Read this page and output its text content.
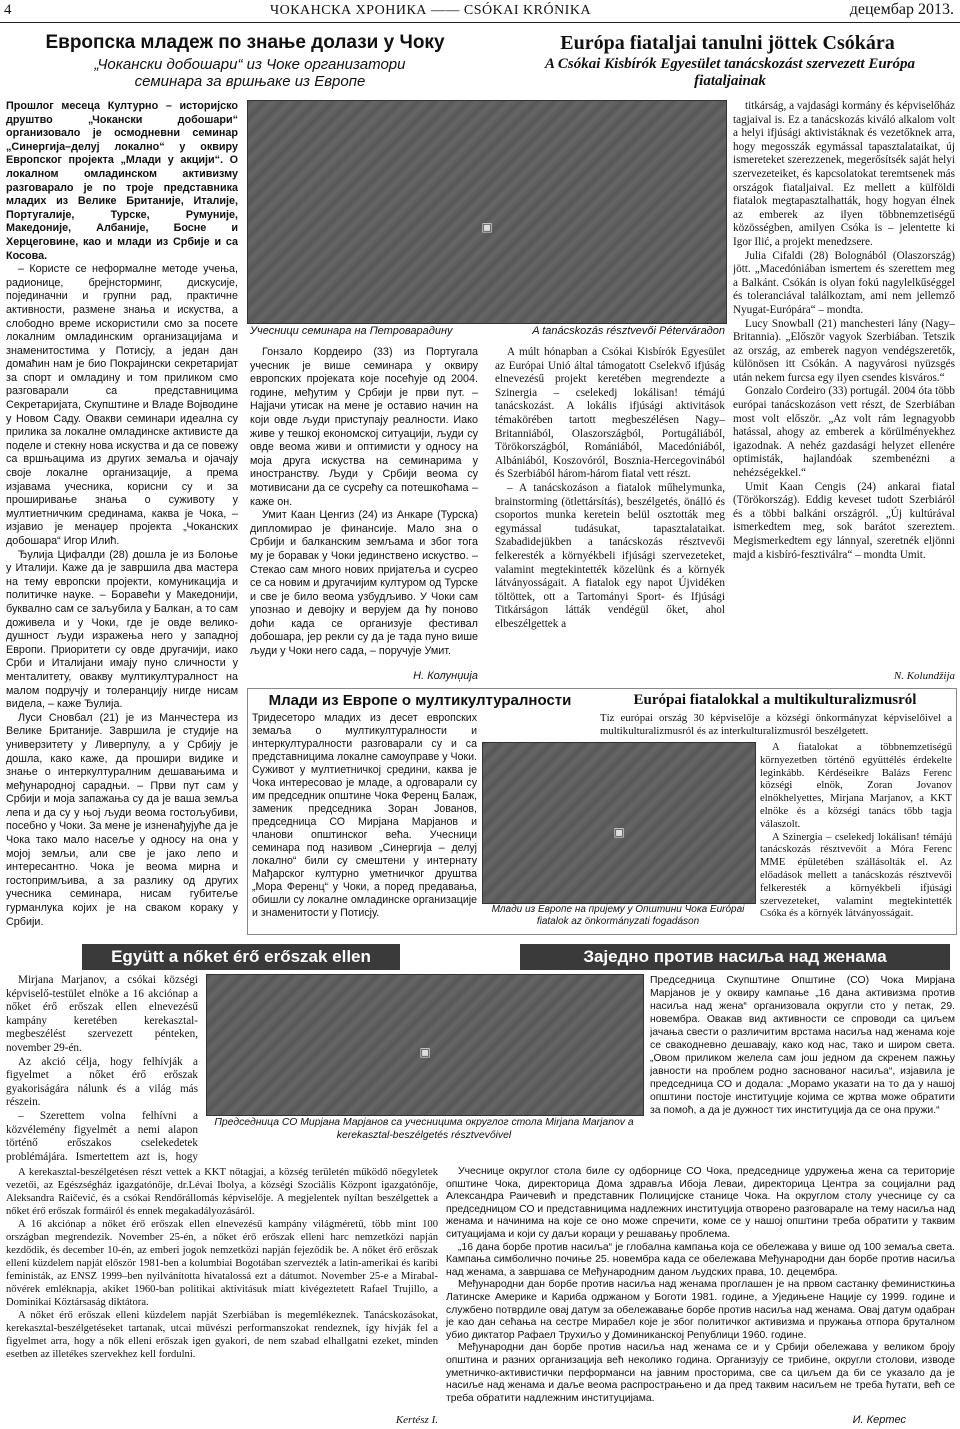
4	ЧОКАНСКА ХРОНИКА —— CSÓKAI KRÓNIKA	децембар 2013.
Европска младеж по знање долази у Чоку
„Чокански добошари“ из Чоке организатори семинара за вршњаке из Европе
Európa fiataljai tanulni jöttek Csókára
A Csókai Kisbírók Egyesület tanácskozást szervezett Európa fiataljainak

Прошлог месеца Културно – историјско друштво „Чокански добошари“ организовало је осмодневни семинар „Синергија–делуј локално“ у оквиру Европског пројекта „Млади у акцији“. О локалном омладинском активизму разговарало је по троје представника младих из Велике Британије, Италије, Португалије, Турске, Румуније, Македоније, Албаније, Босне и Херцеговине, као и млади из Србије и са Косова.

– Користе се неформалне методе учења, радионице, брејнсторминг, дискусије, појединачни и групни рад, практичне активности, размене знања и искуства, а слободно време искористили смо за посете локалним омладинским организацијама и знаменитостима у Потисју, а један дан домаћин нам је био Покрајински секретаријат за спорт и омладину и том приликом смо разговарали са представницима Секретаријата, Скупштине и Владе Војводине у Новом Саду. Овакви семинари идеална су прилика за локалне омладинске активисте да поделе и стекну нова искуства и да се повежу са вршњацима из других земаља и ојачају своје локалне организације, а према изјавама учесника, корисни су и за проширивање знања о суживоту у мултиетничким срединама, каква је Чока, – изјавио је менаџер пројекта „Чоканских добошара“ Игор Илић.

Ђулија Цифалди (28) дошла је из Болоње у Италији. Каже да је завршила два мастера на тему европски пројекти, комуникација и политичке науке. – Боравећи у Македонији, буквално сам се заљубила у Балкан, а то сам доживела и у Чоки, где је овде велико-душност људи изражења него у западној Европи. Приоритети су овде другачији, иако Срби и Италијани имају пуно сличности у менталитету, овакву мултикултуралност на малом подручју и толеранцију нигде нисам видела, – каже Ђулија.

Луси Сновбал (21) је из Манчестера из Велике Британије. Завршила је студије на универзитету у Ливерпулу, а у Србију је дошла, како каже, да прошири видике и знање о интеркултуралним дешавањима и међународној сарадњи. – Први пут сам у Србији и моја запажања су да је ваша земља лепа и да су у њој људи веома гостољубиви, посебно у Чоки. За мене је изненађујуће да је Чока тако мало насеље у односу на она у мојој земљи, али све је јако лепо и интересантно. Чока је веома мирна и гостопримљива, а за разлику од других учесника семинара, нисам губитеље гурманлука којих је на сваком кораку у Србији.

▣
Учесници семинара на Петроварадину	A tanácskozás résztvevői Pétervárадon

Гонзало Кордеиро (33) из Португала учесник је више семинара у оквиру европских пројеката које посећује од 2004. године, међутим у Србији је први пут. – Најјачи утисак на мене је оставио начин на који овде људи приступају реалности. Иако живе у тешкој економској ситуацији, људи су овде веома живи и оптимисти у односу на моја друга искуства на семинарима у иностранству. Људи у Србији веома су мотивисани да се сусрећу са потешкоћама – каже он.

Умит Каан Ценгиз (24) из Анкаре (Турска) дипломирао је финансије. Мало зна о Србији и балканским земљама и због тога му је боравак у Чоки јединствено искуство. – Стекао сам много нових пријатеља и сусрео се са новим и другачијим културом од Турске и све је било веома узбудљиво. У Чоки сам упознао и девојку и верујем да ћу поново доћи када се организује фестивал добошара, јер рекли су да је тада пуно више људи у Чоки него сада, – поручује Умит.

Н. Колунџија

A múlt hónapban a Csókai Kisbírók Egyesület az Európai Unió által támogatott Cselekvő ifjúság elnevezésű projekt keretében megrendezte a Szinergia – cselekedj lokálisan! témájú tanácskozást. A lokális ifjúsági aktivitások témakörében tartott megbeszélésen Nagy–Britanniából, Olaszországból, Portugáliából, Törökországból, Romániából, Macedóniából, Albániából, Koszovóról, Bosznia-Hercegovinából és Szerbiából három-három fiatal vett részt.

– A tanácskozáson a fiatalok műhelymunka, brainstorming (ötlettársítás), beszélgetés, önálló és csoportos munka keretein belül osztották meg egymással tudásukat, tapasztalataikat. Szabadidejükben a tanácskozás résztvevői felkeresték a környékbeli ifjúsági szervezeteket, valamint megtekintették közelünk és a környék látványosságait. A fiatalok egy napot Újvidéken töltöttek, ott a Tartományi Sport- és Ifjúsági Titkárságon látták vendégül őket, ahol elbeszélgettek a

titkárság, a vajdasági kormány és képviselőház tagjaival is. Ez a tanácskozás kiváló alkalom volt a helyi ifjúsági aktivistáknak és vezetőknek arra, hogy megosszák egymással tapasztalataikat, új ismereteket szerezzenek, megerősítsék saját helyi szervezeteiket, és kapcsolatokat teremtsenek más országok fiataljaival. Ez mellett a külföldi fiatalok megtapasztalhatták, hogy hogyan élnek az emberek az ilyen többnemzetiségű közösségben, amilyen Csóka is – jelentette ki Igor Ilić, a projekt menedzsere.

Julia Cifaldi (28) Bolognából (Olaszország) jött. „Macedóniában ismertem és szerettem meg a Balkánt. Csókán is olyan fokú nagylelkűséggel és toleranciával találkoztam, ami nem jellemző Nyugat-Európára“ – mondta.

Lucy Snowball (21) manchesteri lány (Nagy–Britannia). „Először vagyok Szerbiában. Tetszik az ország, az emberek nagyon vendégszeretők, különösen itt Csókán. A nagyvárosi nyüzsgés után nekem furcsa egy ilyen csendes kisváros.“

Gonzalo Cordeiro (33) portugál. 2004 óta több európai tanácskozáson vett részt, de Szerbiában most volt először. „Az volt rám legnagyobb hatással, ahogy az emberek a körülményekhez igazodnak. A nehéz gazdasági helyzet ellenére optimisták, hajlandóak szembenézni a nehézségekkel.“

Umit Kaan Cengis (24) ankarai fiatal (Törökország). Eddig keveset tudott Szerbiáról és a többi balkáni országról. „Új kultúrával ismerkedtem meg, sok barátot szereztem. Megismerkedtem egy lánnyal, szeretnék eljönni majd a kisbíró-fesztiválra“ – mondta Umit.

N. Kolundžija
Млади из Европе о мултикултуралности	Európai fiatalokkal a multikulturalizmusról
Тридесеторо младих из десет европских земаља о мултикултуралности и интеркултуралности разговарали су и са представницима локалне самоуправе у Чоки. Суживот у мултиетничкој средини, каква је Чока интересовао је младе, а одговарали су им председник општине Чока Ференц Балаж, заменик председника Зоран Јованов, председница СО Мирјана Марјанов и чланови општинског већа. Учесници семинара под називом „Синергија – делуј локално“ били су смештени у интернату Мађарског културно уметничког друштва „Мора Ференц“ у Чоки, а поред предавања, обишли су локалне омладинске организације и знаменитости у Потисју.
Tíz európai ország 30 képviselője a községi önkormányzat képviselőivel a multikulturalizmusról és az interkulturalizmusról beszélgetett.
▣
Млади из Европе на пријему у Општини Чока Európai fiatalok az önkormányzati fogadáson

A fiatalokat a többnemzetiségű környezetben történő együttélés érdekelte leginkább. Kérdéseikre Balázs Ferenc községi elnök, Zoran Jovanov elnökhelyettes, Mirjana Marjanov, a KKT elnöke és a községi tanács tőbb tagja válaszolt.

A Szinergia – cselekedj lokálisan! témájú tanácskozás résztvevőit a Móra Ferenc MME épületében szállásolták el. Az előadások mellett a tanácskozás résztvevői felkeresték a környékbeli ifjúsági szervezeteket, valamint megtekintették Csóka és a környék látványosságait.

Együtt a nőket érő erőszak ellen	Заједно против насиља над женама

Mirjana Marjanov, a csókai községi képviselő-testület elnöke a 16 akciónap a nőket érő erőszak ellen elnevezésű kampány keretében kerekasztal-megbeszélést szervezett pénteken, november 29-én.

Az akció célja, hogy felhívják a figyelmet a nőket érő erőszak gyakoriságára nálunk és a világ más részein.

– Szerettem volna felhívni a közvélemény figyelmét a nemi alapon történő erőszakos cselekedetek problémájára. Ismertettem azt is, hogy

▣
Председница СО Мирјана Марјанов са учесницима округлог стола Mirjana Marjanov a kerekasztal-beszélgetés résztvevőivel

A kerekasztal-beszélgetésen részt vettek a KKT nőtagjai, a község területén működő nőegyletek vezetői, az Egészségház igazgatónője, dr.Lévai Ibolya, a községi Szociális Központ igazgatónője, Aleksandra Raičević, és a csókai Rendőrállomás képviselője. A megjelentek nyíltan beszélgettek a nőket érő erőszak formáiról és ennek megakadályozásáról.

A 16 akciónap a nőket érő erőszak ellen elnevezésű kampány világméretű, több mint 100 országban megrendezik. November 25-én, a nőket érő erőszak elleni harc nemzetközi napján kezdődik, és december 10-én, az emberi jogok nemzetközi napján fejeződik be. A nőket érő erőszak elleni küzdelem napját először 1981-ben a kolumbiai Bogotában szervezték a latin-amerikai és karibi feministák, az ENSZ 1999–ben nyilvánította hivatalossá ezt a dátumot. November 25-e a Mirabal-nővérek emléknapja, akiket 1960-ban politikai aktivitásuk miatt kivégeztetett Rafael Trujillo, a Dominikai Köztársaság diktátora.

A nőket érő erőszak elleni küzdelem napját Szerbiában is megemlékeznek. Tanácskozásokat, kerekasztal-beszélgetéseket tartanak, utcai művészi performanszokat rendeznek, így hívják fel a figyelmet arra, hogy a nők elleni erőszak igen gyakori, de nem szabad elhallgatni ezeket, minden esetben az illetékes szervekhez kell fordulni.

Kertész I.
Председница Скупштине Општине (СО) Чока Мирјана Марјанов је у оквиру кампање „16 дана активизма против насиља над жена“ организовала округли сто у петак, 29. новембра. Овакав вид активности се спроводи са циљем јачања свести о различитим врстама насиља над женама које се свакодневно дешавају, како код нас, тако и широм света. „Овом приликом желела сам још једном да скренем пажњу јавности на проблем родно заснованог насиља“, изјавила је председница СО и додала: „Морамо указати на то да у нашој општини постоје институције којима се жртва може обратити за помоћ, а да је дужност тих институција да се она пружи.“

Учеснице округлог стола биле су одборнице СО Чока, председнице удружења жена са територије општине Чока, директорица Дома здравља Ибоја Леваи, директорица Центра за социјални рад Александра Раичевић и представник Полицијске станице Чока. На округлом столу учеснице су са председницом СО и представницима надлежних институција отворено разговарале на тему насиља над женама и начинима на које се оно може спречити, коме се у нашој општини треба обратити у таквим ситуацијама и који су даљи кораци у решавању проблема.

„16 дана борбе против насиља“ је глобална кампања која се обележава у више од 100 земаља света. Кампања симболично почиње 25. новембра када се обележава Међународни дан борбе против насиља над женама, а завршава се Међународним даном људских права, 10. децембра.

Међународни дан борбе против насиља над женама проглашен је на првом састанку феминисткиња Латинске Америке и Кариба одржаном у Боготи 1981. године, а Уједињене Нације су 1999. године и службено потврдиле овај датум за обележавање борбе против насиља над женама. Овај датум одабран је као дан сећања на сестре Мирабел које је због политичког активизма и пружања отпора бруталном убио диктатор Рафаел Трухиљо у Доминиканској Републици 1960. године.

Међународни дан борбе против насиља над женама се и у Србији обележава у великом броју општина и разних организација већ неколико година. Организују се трибине, округли столови, изводе уметничко-активистички перформанси на јавним просторима, све са циљем да би се указало да је насиље над женама и даље веома распрострањено и да пред таквим насиљем не треба ћутати, већ се треба обратити надлежним институцијама.

И. Кертес
